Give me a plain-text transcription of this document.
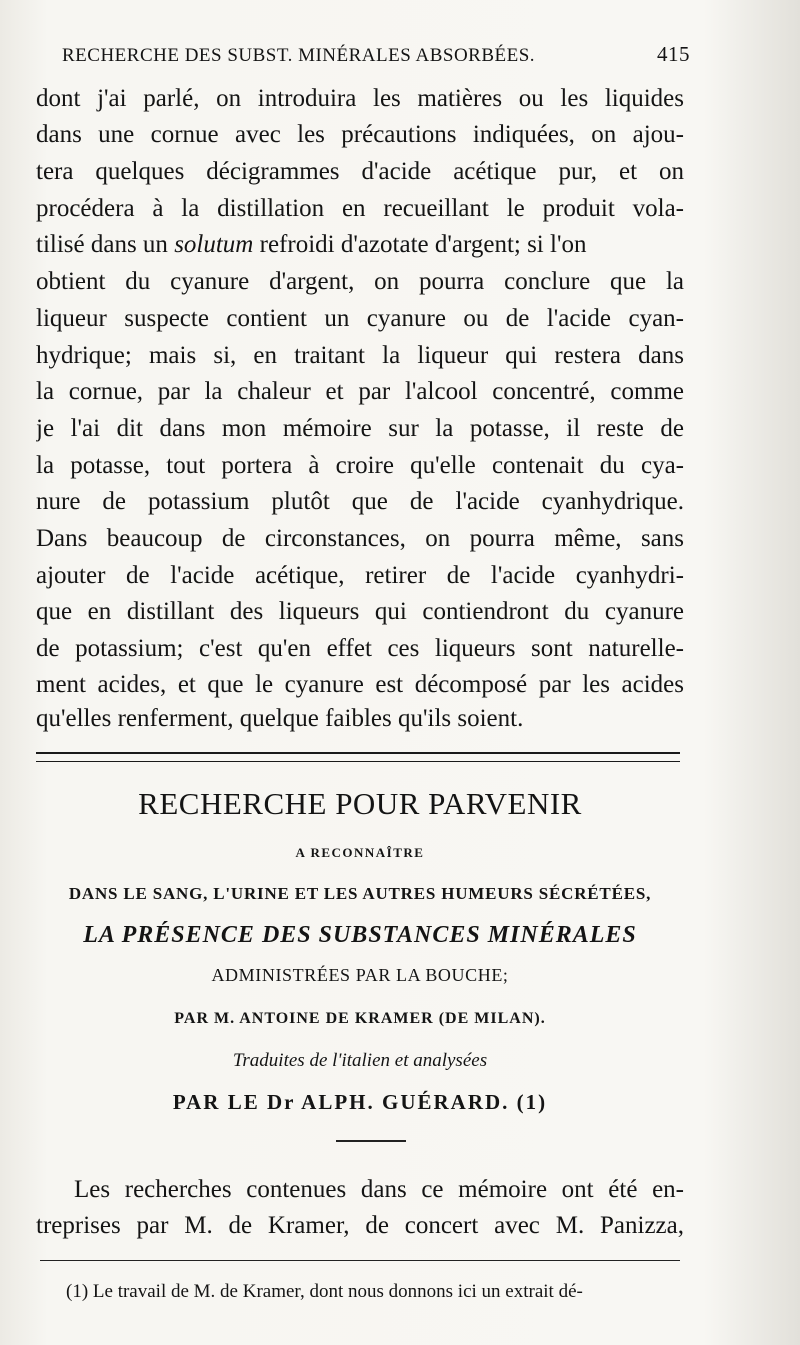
RECHERCHE DES SUBST. MINÉRALES ABSORBÉES.	415
dont j'ai parlé, on introduira les matières ou les liquides
dans une cornue avec les précautions indiquées, on ajou-
tera quelques décigrammes d'acide acétique pur, et on
procédera à la distillation en recueillant le produit vola-
tilisé dans un solutum refroidi d'azotate d'argent; si l'on
obtient du cyanure d'argent, on pourra conclure que la
liqueur suspecte contient un cyanure ou de l'acide cyan-
hydrique; mais si, en traitant la liqueur qui restera dans
la cornue, par la chaleur et par l'alcool concentré, comme
je l'ai dit dans mon mémoire sur la potasse, il reste de
la potasse, tout portera à croire qu'elle contenait du cya-
nure de potassium plutôt que de l'acide cyanhydrique.
Dans beaucoup de circonstances, on pourra même, sans
ajouter de l'acide acétique, retirer de l'acide cyanhydri-
que en distillant des liqueurs qui contiendront du cyanure
de potassium; c'est qu'en effet ces liqueurs sont naturelle-
ment acides, et que le cyanure est décomposé par les acides
qu'elles renferment, quelque faibles qu'ils soient.
RECHERCHE POUR PARVENIR
A RECONNAÎTRE
DANS LE SANG, L'URINE ET LES AUTRES HUMEURS SÉCRÉTÉES,
LA PRÉSENCE DES SUBSTANCES MINÉRALES
ADMINISTRÉES PAR LA BOUCHE;
PAR M. ANTOINE DE KRAMER (DE MILAN).
Traduites de l'italien et analysées
PAR LE Dr ALPH. GUÉRARD. (1)
Les recherches contenues dans ce mémoire ont été en-
treprises par M. de Kramer, de concert avec M. Panizza,
(1) Le travail de M. de Kramer, dont nous donnons ici un extrait dé-
